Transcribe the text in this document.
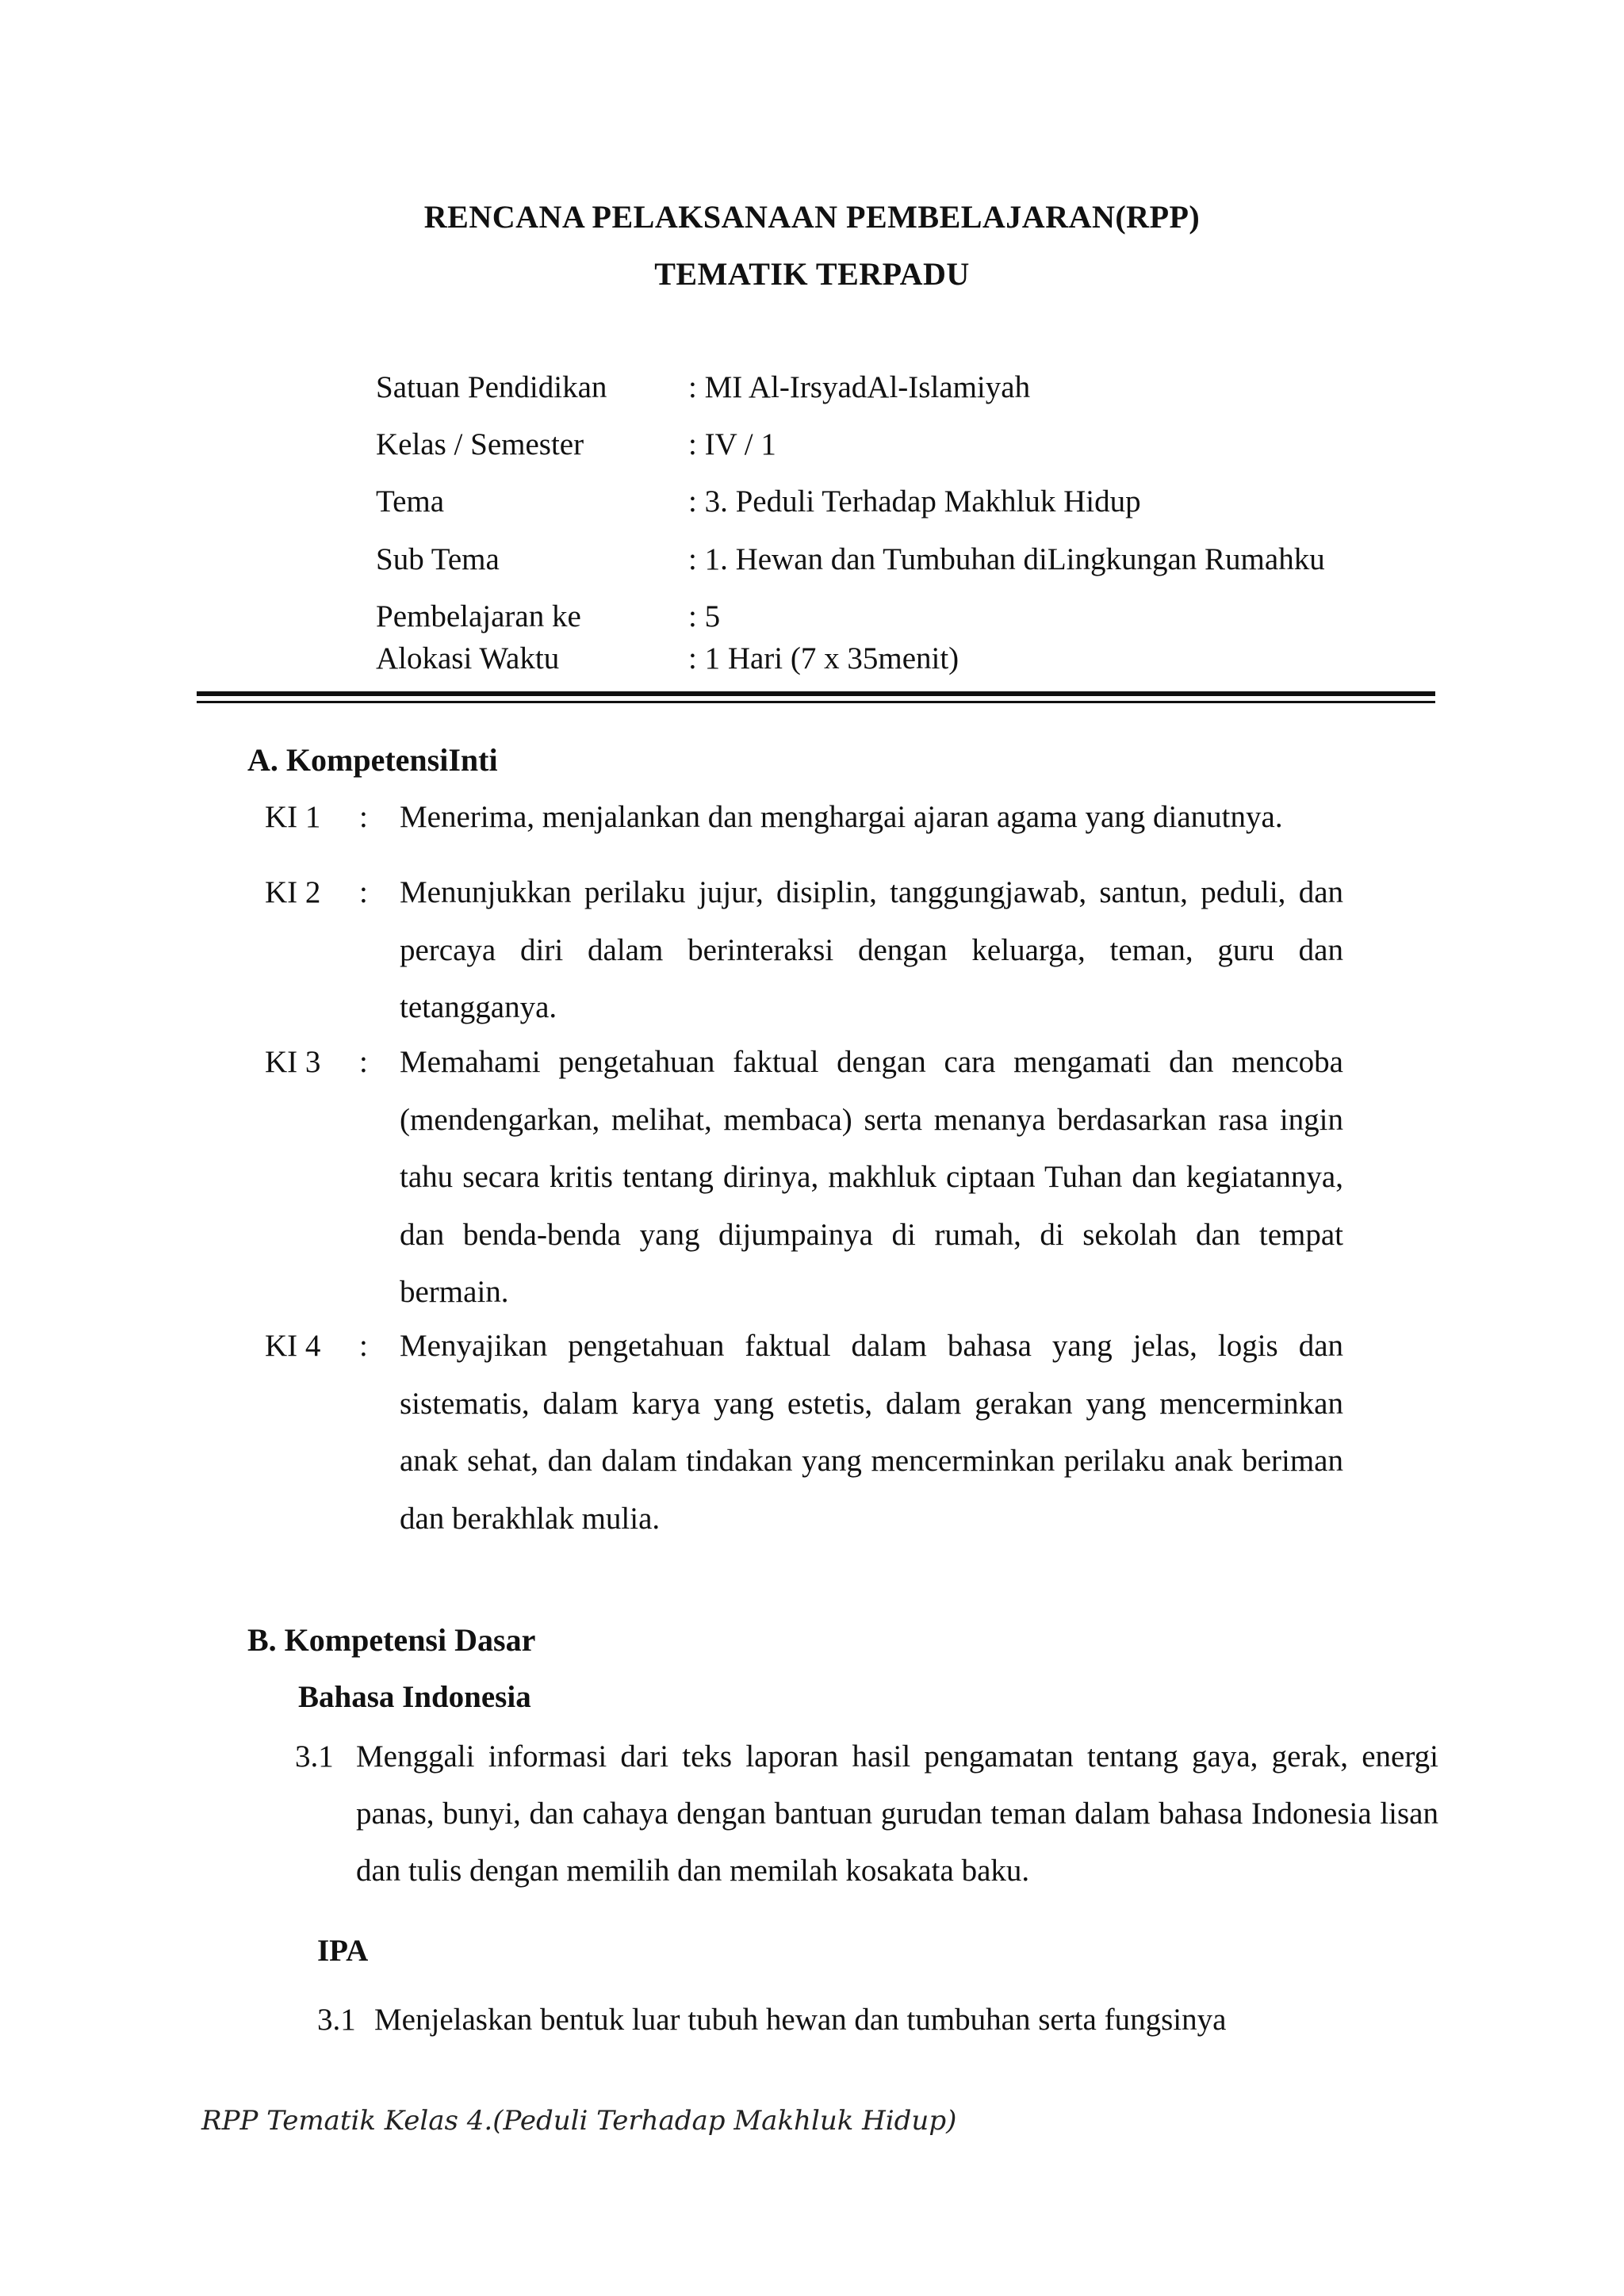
RENCANA PELAKSANAAN PEMBELAJARAN(RPP)
TEMATIK TERPADU
Satuan Pendidikan	: MI Al-IrsyadAl-Islamiyah
Kelas / Semester	: IV / 1
Tema	: 3. Peduli Terhadap Makhluk Hidup
Sub Tema	: 1. Hewan dan Tumbuhan diLingkungan Rumahku
Pembelajaran ke	: 5
Alokasi Waktu	: 1 Hari (7 x 35menit)
A. KompetensiInti
KI 1 : Menerima, menjalankan dan menghargai ajaran agama yang dianutnya.
KI 2 : Menunjukkan perilaku jujur, disiplin, tanggungjawab, santun, peduli, dan percaya diri dalam berinteraksi dengan keluarga, teman, guru dan tetangganya.
KI 3 : Memahami pengetahuan faktual dengan cara mengamati dan mencoba (mendengarkan, melihat, membaca) serta menanya berdasarkan rasa ingin tahu secara kritis tentang dirinya, makhluk ciptaan Tuhan dan kegiatannya, dan benda-benda yang dijumpainya di rumah, di sekolah dan tempat bermain.
KI 4 : Menyajikan pengetahuan faktual dalam bahasa yang jelas, logis dan sistematis, dalam karya yang estetis, dalam gerakan yang mencerminkan anak sehat, dan dalam tindakan yang mencerminkan perilaku anak beriman dan berakhlak mulia.
B. Kompetensi Dasar
Bahasa Indonesia
3.1 Menggali informasi dari teks laporan hasil pengamatan tentang gaya, gerak, energi panas, bunyi, dan cahaya dengan bantuan gurudan teman dalam bahasa Indonesia lisan dan tulis dengan memilih dan memilah kosakata baku.
IPA
3.1 Menjelaskan bentuk luar tubuh hewan dan tumbuhan serta fungsinya
RPP Tematik Kelas 4.(Peduli Terhadap Makhluk Hidup)
